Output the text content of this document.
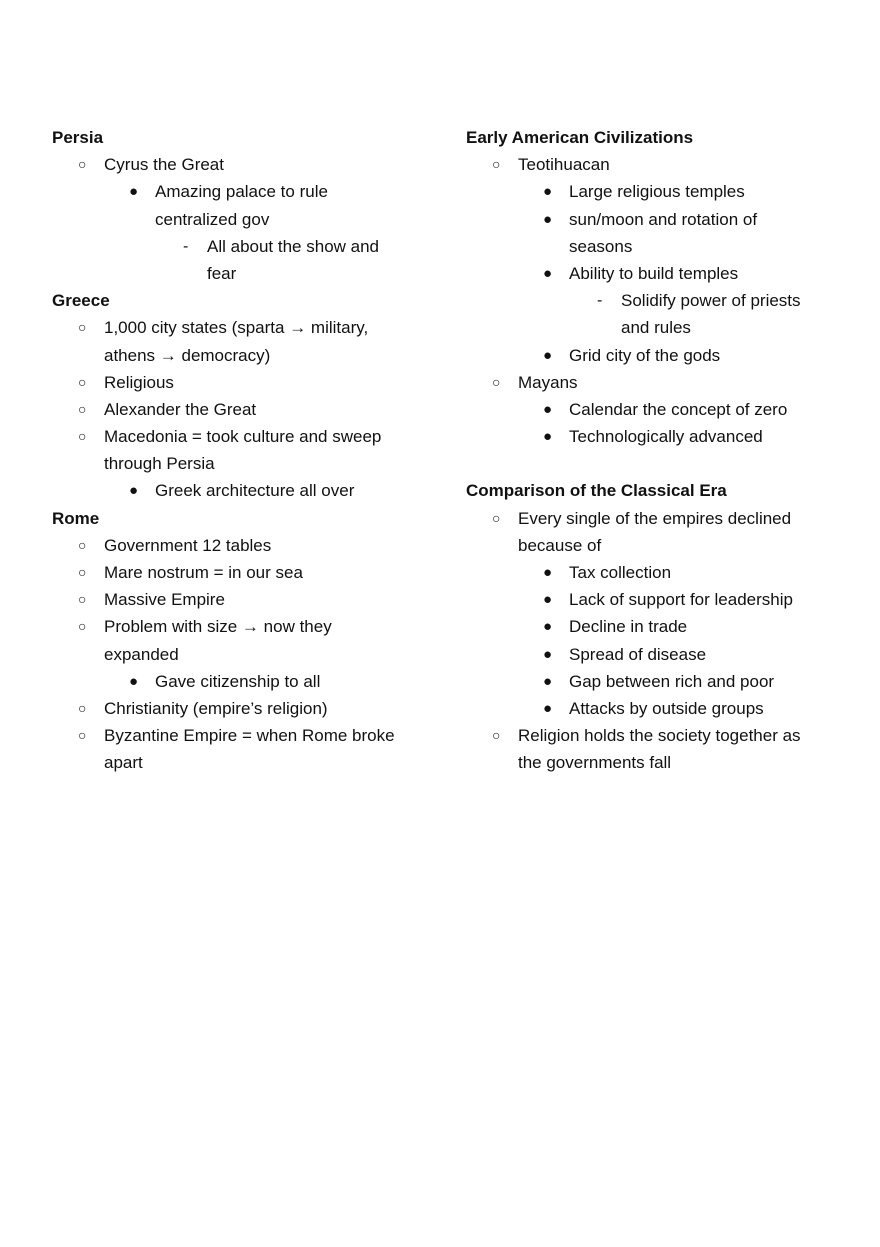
Persia
○ Cyrus the Great
● Amazing palace to rule
centralized gov
- All about the show and
fear
Greece
○ 1,000 city states (sparta → military,
athens → democracy)
○ Religious
○ Alexander the Great
○ Macedonia = took culture and sweep
through Persia
● Greek architecture all over
Rome
○ Government 12 tables
○ Mare nostrum = in our sea
○ Massive Empire
○ Problem with size → now they
expanded
● Gave citizenship to all
○ Christianity (empire’s religion)
○ Byzantine Empire = when Rome broke
apart
Early American Civilizations
○ Teotihuacan
● Large religious temples
● sun/moon and rotation of
seasons
● Ability to build temples
- Solidify power of priests
and rules
● Grid city of the gods
○ Mayans
● Calendar the concept of zero
● Technologically advanced
Comparison of the Classical Era
○ Every single of the empires declined
because of
● Tax collection
● Lack of support for leadership
● Decline in trade
● Spread of disease
● Gap between rich and poor
● Attacks by outside groups
○ Religion holds the society together as
the governments fall
